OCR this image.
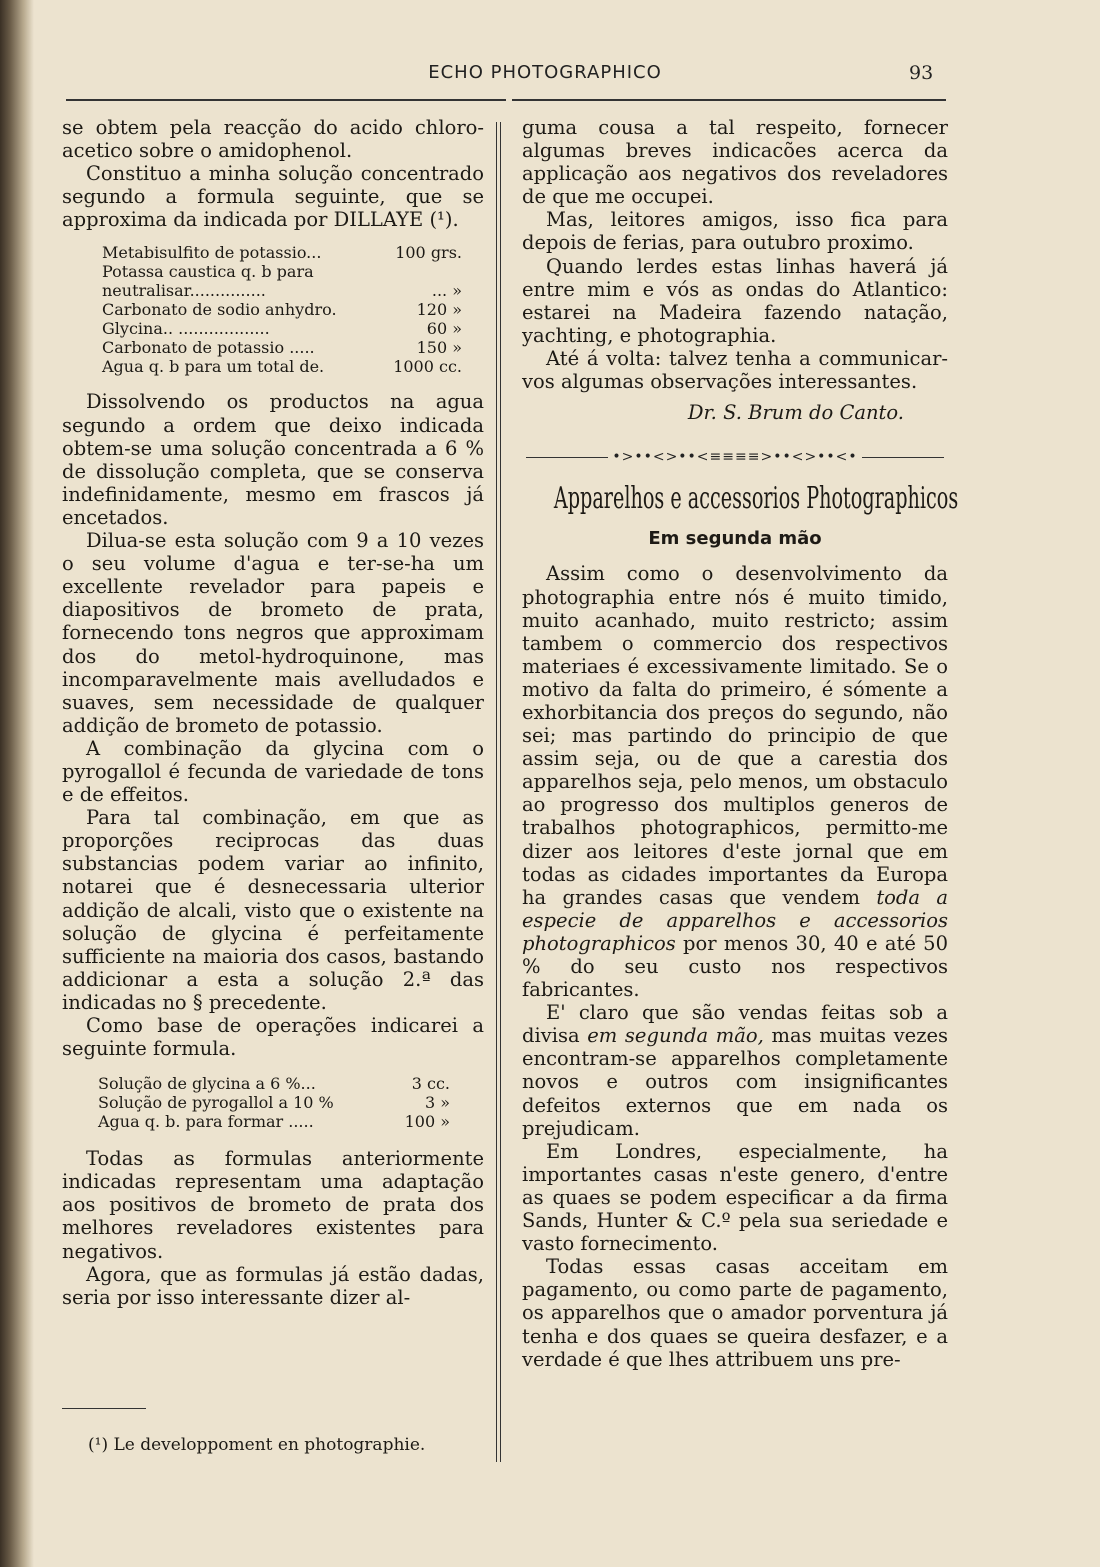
ECHO PHOTOGRAPHICO	93

se obtem pela reacção do acido chloro-acetico sobre o amidophenol.

Constituo a minha solução concentrado segundo a formula seguinte, que se approxima da indicada por DILLAYE (¹).

Metabisulfito de potassio...	100 grs.
Potassa caustica q. b para neutralisar...............	... »
Carbonato de sodio anhydro.	120 »
Glycina.. ..................	60 »
Carbonato de potassio .....	150 »
Agua q. b para um total de.	1000 cc.

Dissolvendo os productos na agua segundo a ordem que deixo indicada obtem-se uma solução concentrada a 6 % de dissolução completa, que se conserva indefinidamente, mesmo em frascos já encetados.

Dilua-se esta solução com 9 a 10 vezes o seu volume d'agua e ter-se-ha um excellente revelador para papeis e diapositivos de brometo de prata, fornecendo tons negros que approximam dos do metol-hydroquinone, mas incomparavelmente mais avelludados e suaves, sem necessidade de qualquer addição de brometo de potassio.

A combinação da glycina com o pyrogallol é fecunda de variedade de tons e de effeitos.

Para tal combinação, em que as proporções reciprocas das duas substancias podem variar ao infinito, notarei que é desnecessaria ulterior addição de alcali, visto que o existente na solução de glycina é perfeitamente sufficiente na maioria dos casos, bastando addicionar a esta a solução 2.ª das indicadas no § precedente.

Como base de operações indicarei a seguinte formula.

Solução de glycina a 6 %...	3 cc.
Solução de pyrogallol a 10 %	3 »
Agua q. b. para formar .....	100 »

Todas as formulas anteriormente indicadas representam uma adaptação aos positivos de brometo de prata dos melhores reveladores existentes para negativos.

Agora, que as formulas já estão dadas, seria por isso interessante dizer al-

(¹) Le developpoment en photographie.

guma cousa a tal respeito, fornecer algumas breves indicacões acerca da applicação aos negativos dos reveladores de que me occupei.

Mas, leitores amigos, isso fica para depois de ferias, para outubro proximo.

Quando lerdes estas linhas haverá já entre mim e vós as ondas do Atlantico: estarei na Madeira fazendo natação, yachting, e photographia.

Até á volta: talvez tenha a communicar-vos algumas observações interessantes.

Dr. S. Brum do Canto.

•>••<>••<≡≡≡≡>••<>••<•
Apparelhos e accessorios Photographicos
Em segunda mão

Assim como o desenvolvimento da photographia entre nós é muito timido, muito acanhado, muito restricto; assim tambem o commercio dos respectivos materiaes é excessivamente limitado. Se o motivo da falta do primeiro, é sómente a exhorbitancia dos preços do segundo, não sei; mas partindo do principio de que assim seja, ou de que a carestia dos apparelhos seja, pelo menos, um obstaculo ao progresso dos multiplos generos de trabalhos photographicos, permitto-me dizer aos leitores d'este jornal que em todas as cidades importantes da Europa ha grandes casas que vendem toda a especie de apparelhos e accessorios photographicos por menos 30, 40 e até 50 % do seu custo nos respectivos fabricantes.

E' claro que são vendas feitas sob a divisa em segunda mão, mas muitas vezes encontram-se apparelhos completamente novos e outros com insignificantes defeitos externos que em nada os prejudicam.

Em Londres, especialmente, ha importantes casas n'este genero, d'entre as quaes se podem especificar a da firma Sands, Hunter & C.º pela sua seriedade e vasto fornecimento.

Todas essas casas acceitam em pagamento, ou como parte de pagamento, os apparelhos que o amador porventura já tenha e dos quaes se queira desfazer, e a verdade é que lhes attribuem uns pre-
